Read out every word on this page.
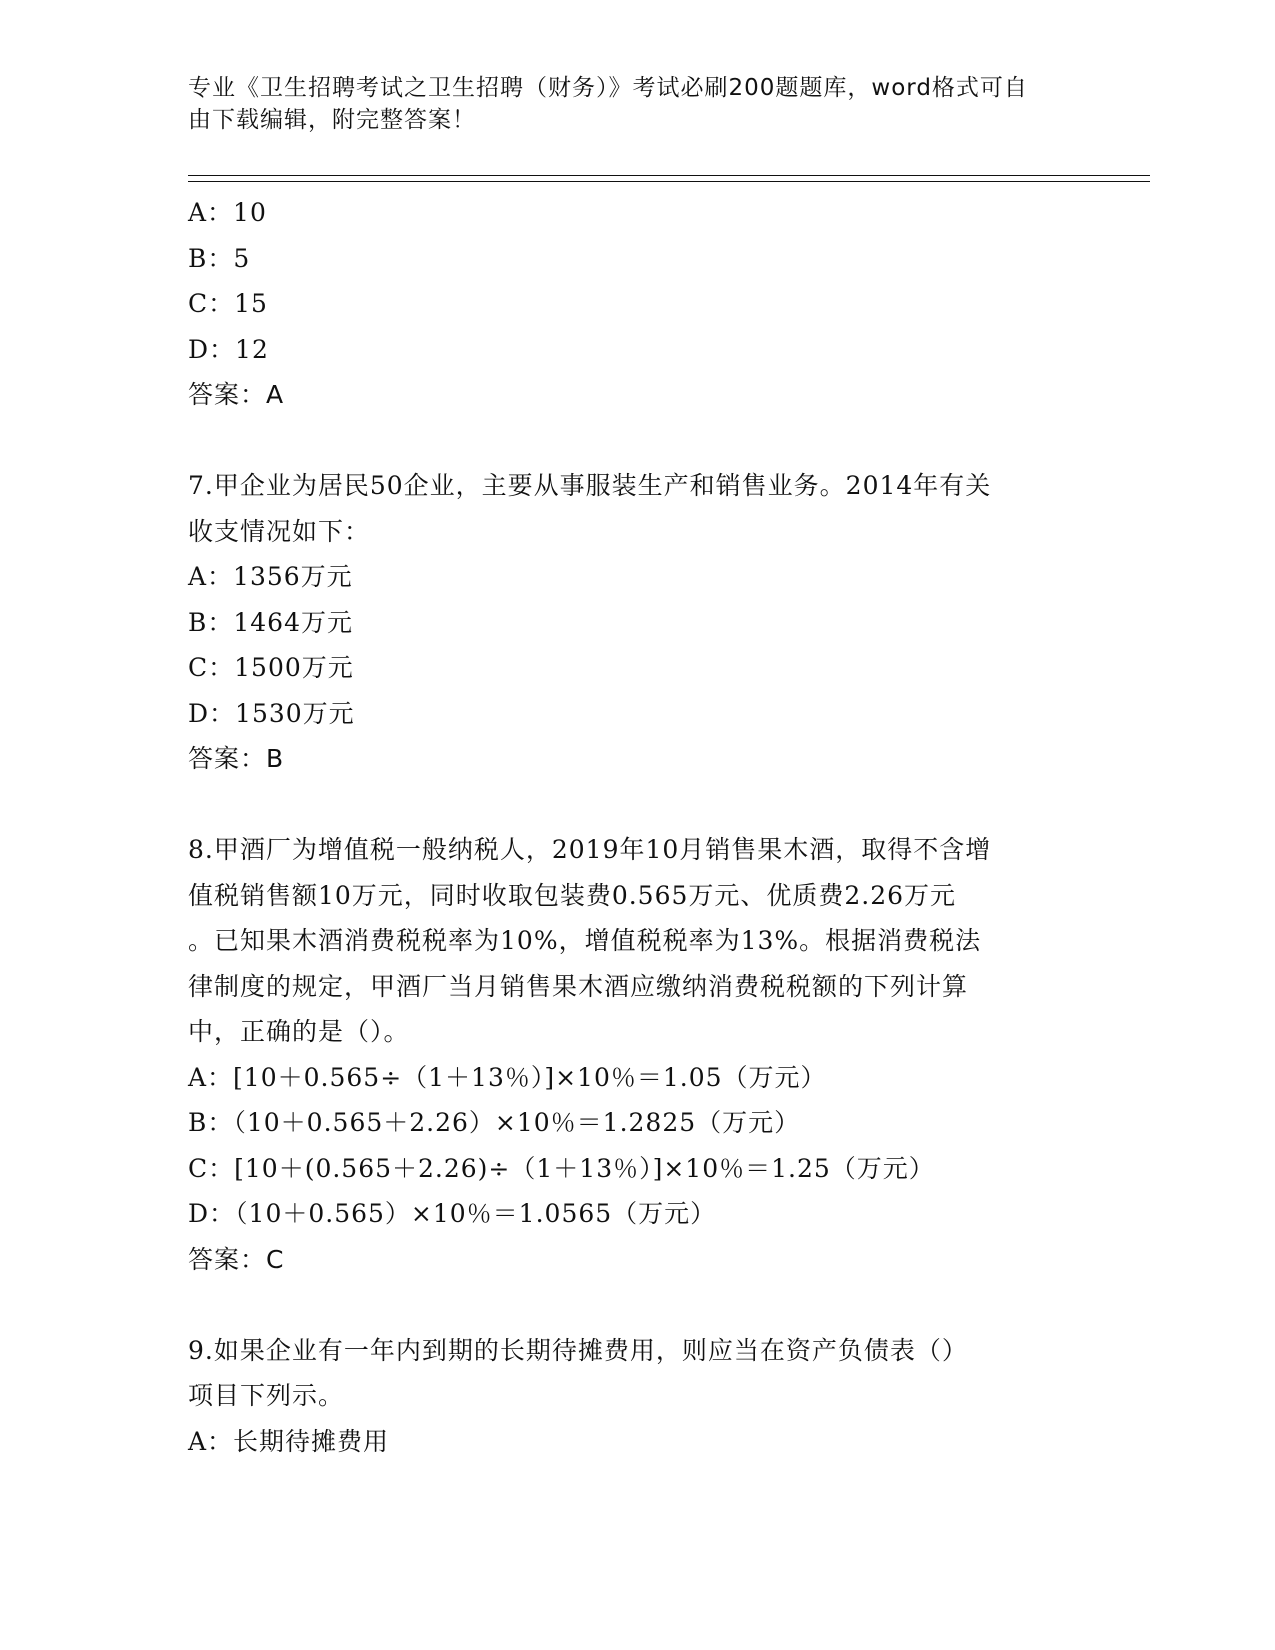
专业《卫生招聘考试之卫生招聘（财务）》考试必刷200题题库，word格式可自
由下载编辑，附完整答案！
A：10
B：5
C：15
D：12
答案：A
7.甲企业为居民50企业，主要从事服装生产和销售业务。2014年有关
收支情况如下：
A：1356万元
B：1464万元
C：1500万元
D：1530万元
答案：B
8.甲酒厂为增值税一般纳税人，2019年10月销售果木酒，取得不含增
值税销售额10万元，同时收取包装费0.565万元、优质费2.26万元
。已知果木酒消费税税率为10%，增值税税率为13%。根据消费税法
律制度的规定，甲酒厂当月销售果木酒应缴纳消费税税额的下列计算
中，正确的是（）。
A：[10＋0.565÷（1＋13％）]×10％＝1.05（万元）
B：（10＋0.565＋2.26）×10％＝1.2825（万元）
C：[10＋(0.565＋2.26)÷（1＋13％）]×10％＝1.25（万元）
D：（10＋0.565）×10％＝1.0565（万元）
答案：C
9.如果企业有一年内到期的长期待摊费用，则应当在资产负债表（）
项目下列示。
A：长期待摊费用
